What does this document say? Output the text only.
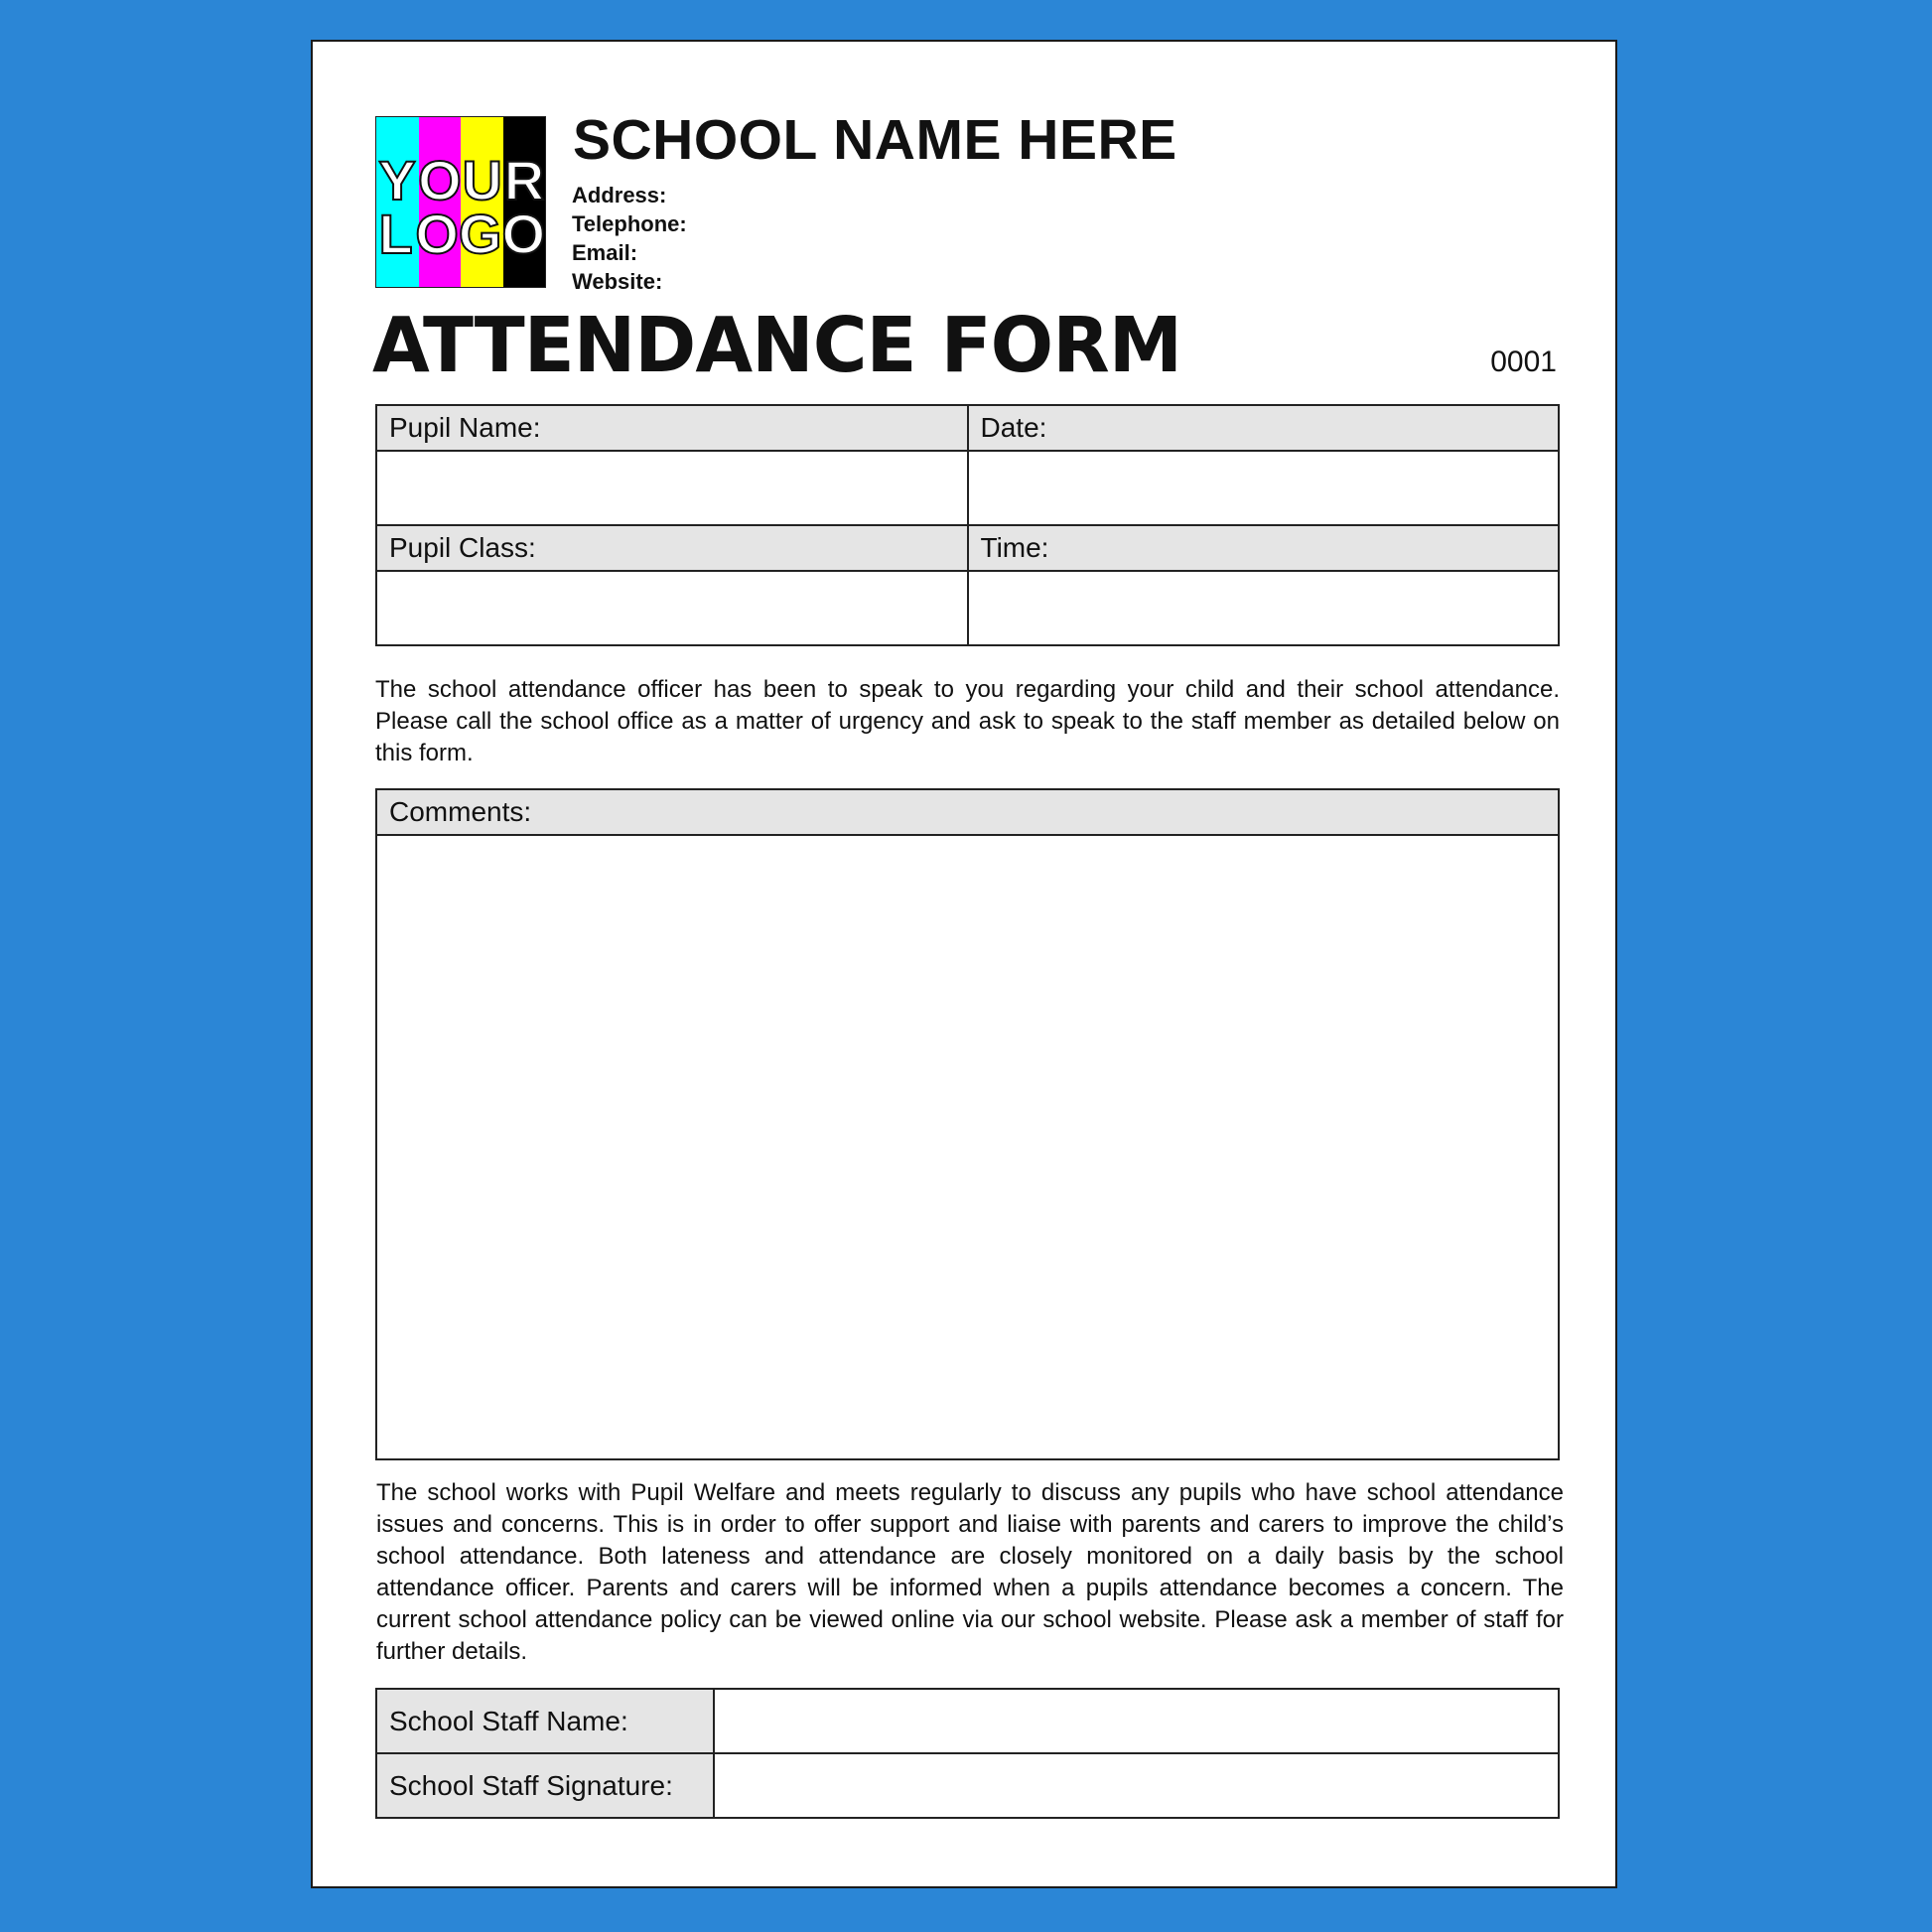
Y O U R
L O G O
SCHOOL NAME HERE
Address:
Telephone:
Email:
Website:
ATTENDANCE FORM	0001
Pupil Name:	Date:

Pupil Class:	Time:

The school attendance officer has been to speak to you regarding your child and their school attendance. Please call the school office as a matter of urgency and ask to speak to the staff member as detailed below on this form.
Comments:

The school works with Pupil Welfare and meets regularly to discuss any pupils who have school attendance issues and concerns. This is in order to offer support and liaise with parents and carers to improve the child’s school attendance. Both lateness and attendance are closely monitored on a daily basis by the school attendance officer. Parents and carers will be informed when a pupils attendance becomes a concern. The current school attendance policy can be viewed online via our school website. Please ask a member of staff for further details.
School Staff Name:	
School Staff Signature:	
